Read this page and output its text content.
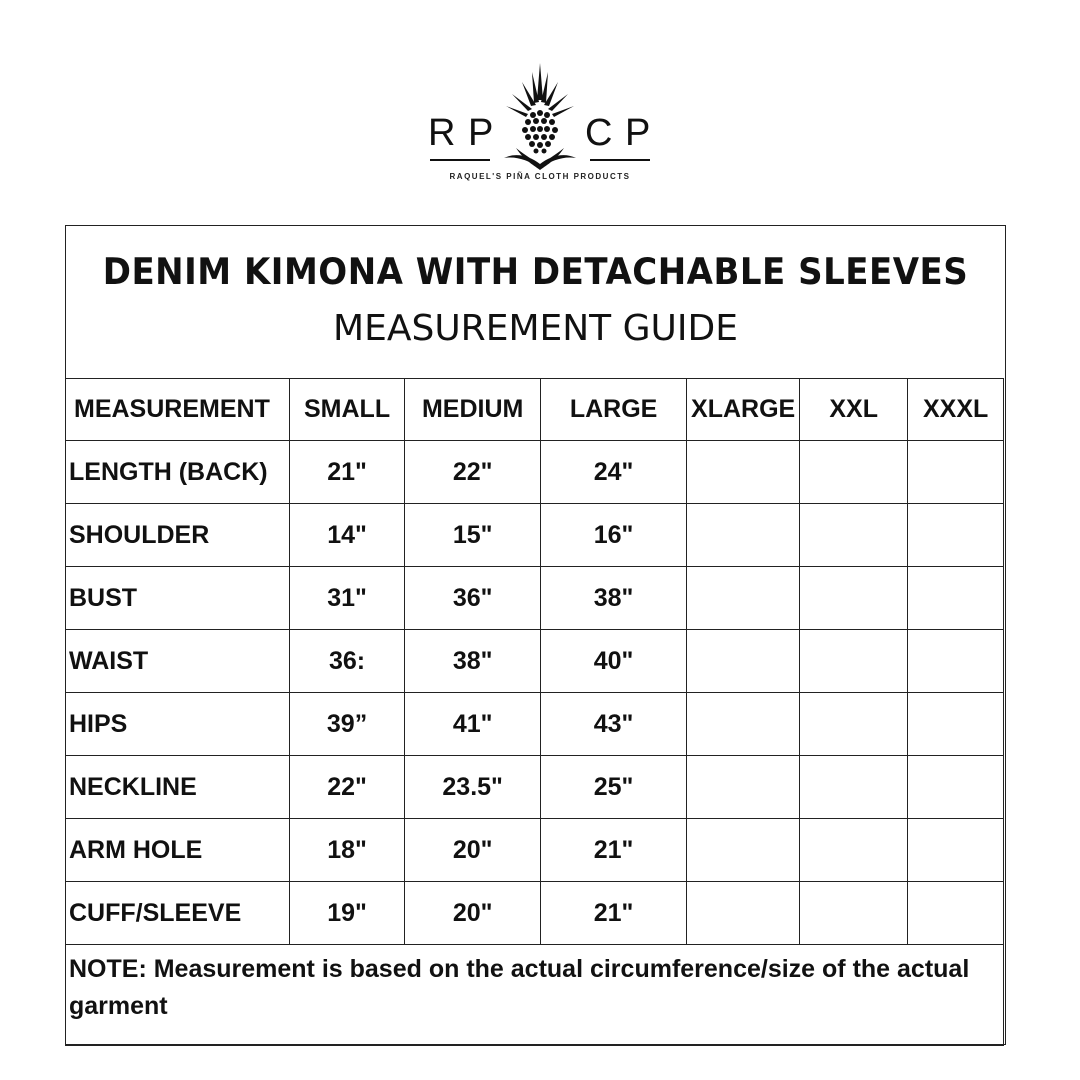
R P C P
RAQUEL'S PIÑA CLOTH PRODUCTS
DENIM KIMONA WITH DETACHABLE SLEEVES
MEASUREMENT GUIDE
MEASUREMENT	SMALL	MEDIUM	LARGE	XLARGE	XXL	XXXL
LENGTH (BACK)	21"	22"	24"			
SHOULDER	14"	15"	16"			
BUST	31"	36"	38"			
WAIST	36:	38"	40"			
HIPS	39”	41"	43"			
NECKLINE	22"	23.5"	25"			
ARM HOLE	18"	20"	21"			
CUFF/SLEEVE	19"	20"	21"			
NOTE: Measurement is based on the actual circumference/size of the actual garment						
